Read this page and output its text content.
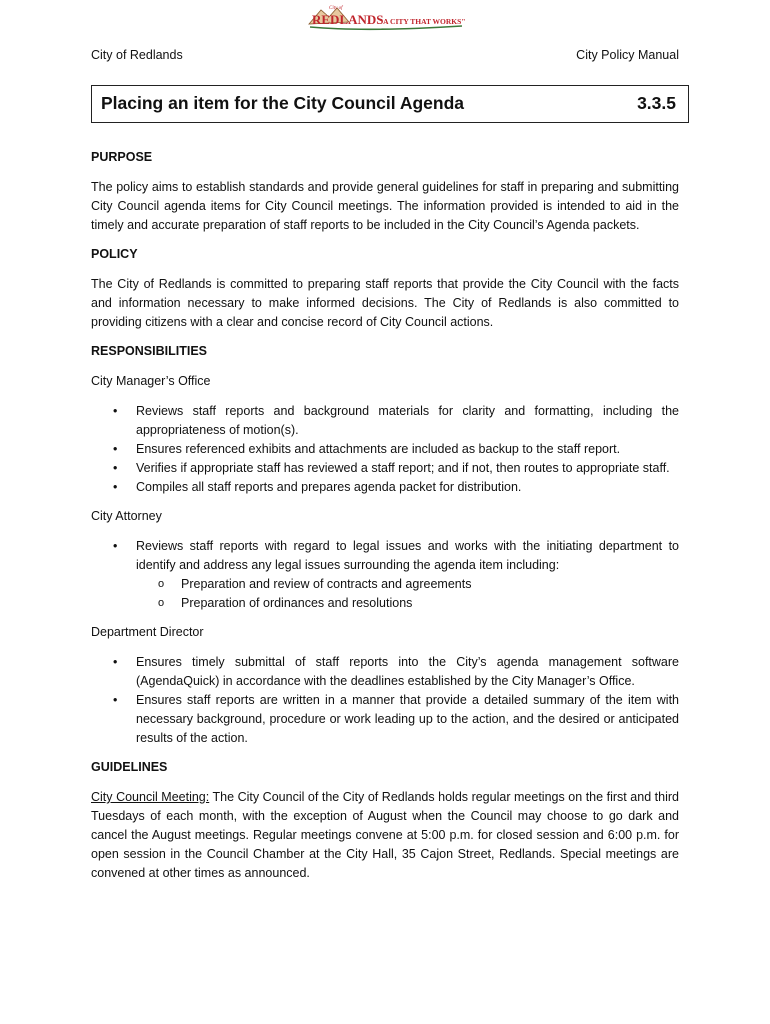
City of
REDLANDS
"A CITY THAT WORKS"
City of Redlands	City Policy Manual
Placing an item for the City Council Agenda	3.3.5
PURPOSE

The policy aims to establish standards and provide general guidelines for staff in preparing and submitting City Council agenda items for City Council meetings. The information provided is intended to aid in the timely and accurate preparation of staff reports to be included in the City Council’s Agenda packets.

POLICY

The City of Redlands is committed to preparing staff reports that provide the City Council with the facts and information necessary to make informed decisions. The City of Redlands is also committed to providing citizens with a clear and concise record of City Council actions.

RESPONSIBILITIES

City Manager’s Office

• Reviews staff reports and background materials for clarity and formatting, including the appropriateness of motion(s).
• Ensures referenced exhibits and attachments are included as backup to the staff report.
• Verifies if appropriate staff has reviewed a staff report; and if not, then routes to appropriate staff.
• Compiles all staff reports and prepares agenda packet for distribution.

City Attorney

• Reviews staff reports with regard to legal issues and works with the initiating department to identify and address any legal issues surrounding the agenda item including:
o Preparation and review of contracts and agreements
o Preparation of ordinances and resolutions

Department Director

• Ensures timely submittal of staff reports into the City’s agenda management software (AgendaQuick) in accordance with the deadlines established by the City Manager’s Office.
• Ensures staff reports are written in a manner that provide a detailed summary of the item with necessary background, procedure or work leading up to the action, and the desired or anticipated results of the action.
GUIDELINES

City Council Meeting: The City Council of the City of Redlands holds regular meetings on the first and third Tuesdays of each month, with the exception of August when the Council may choose to go dark and cancel the August meetings. Regular meetings convene at 5:00 p.m. for closed session and 6:00 p.m. for open session in the Council Chamber at the City Hall, 35 Cajon Street, Redlands. Special meetings are convened at other times as announced.
